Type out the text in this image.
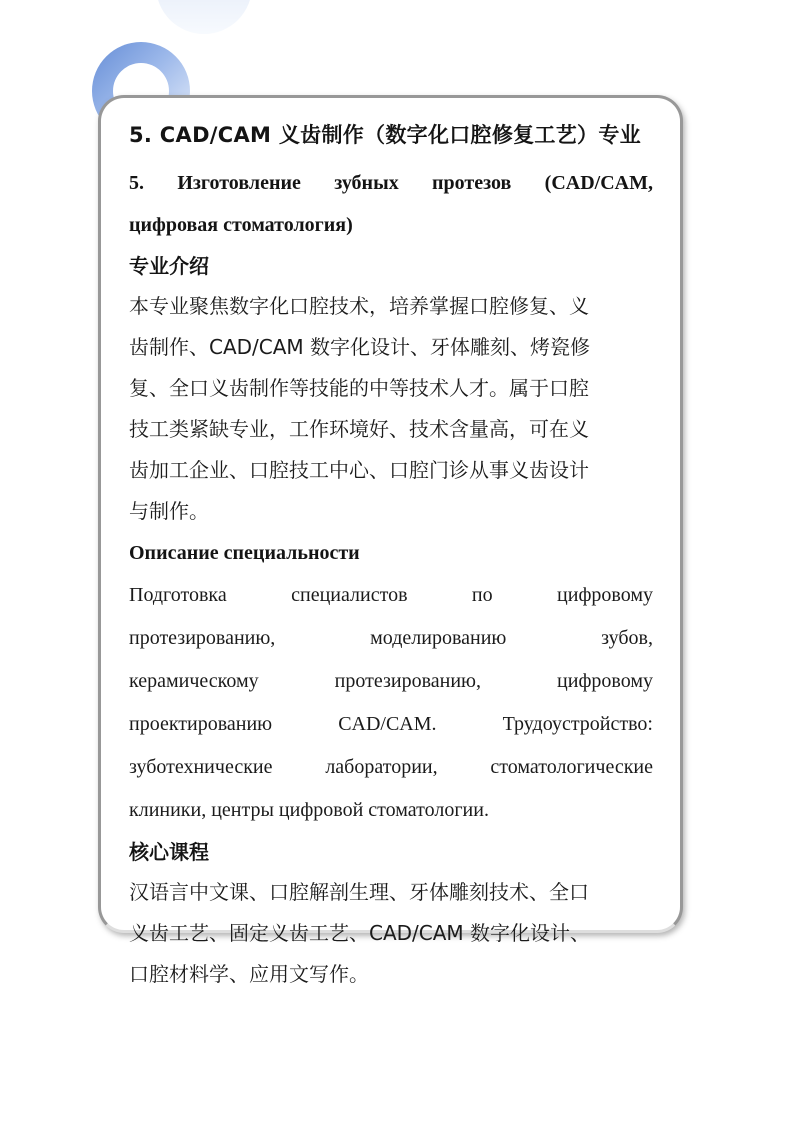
5. CAD/CAM 义齿制作（数字化口腔修复工艺）专业
5. Изготовление зубных протезов (CAD/CAM,
цифровая стоматология)
专业介绍
本专业聚焦数字化口腔技术，培养掌握口腔修复、义
齿制作、CAD/CAM 数字化设计、牙体雕刻、烤瓷修
复、全口义齿制作等技能的中等技术人才。属于口腔
技工类紧缺专业，工作环境好、技术含量高，可在义
齿加工企业、口腔技工中心、口腔门诊从事义齿设计
与制作。
Описание специальности
Подготовка специалистов по цифровому
протезированию, моделированию зубов,
керамическому протезированию, цифровому
проектированию CAD/CAM. Трудоустройство:
зуботехнические лаборатории, стоматологические
клиники, центры цифровой стоматологии.
核心课程
汉语言中文课、口腔解剖生理、牙体雕刻技术、全口
义齿工艺、固定义齿工艺、CAD/CAM 数字化设计、
口腔材料学、应用文写作。
